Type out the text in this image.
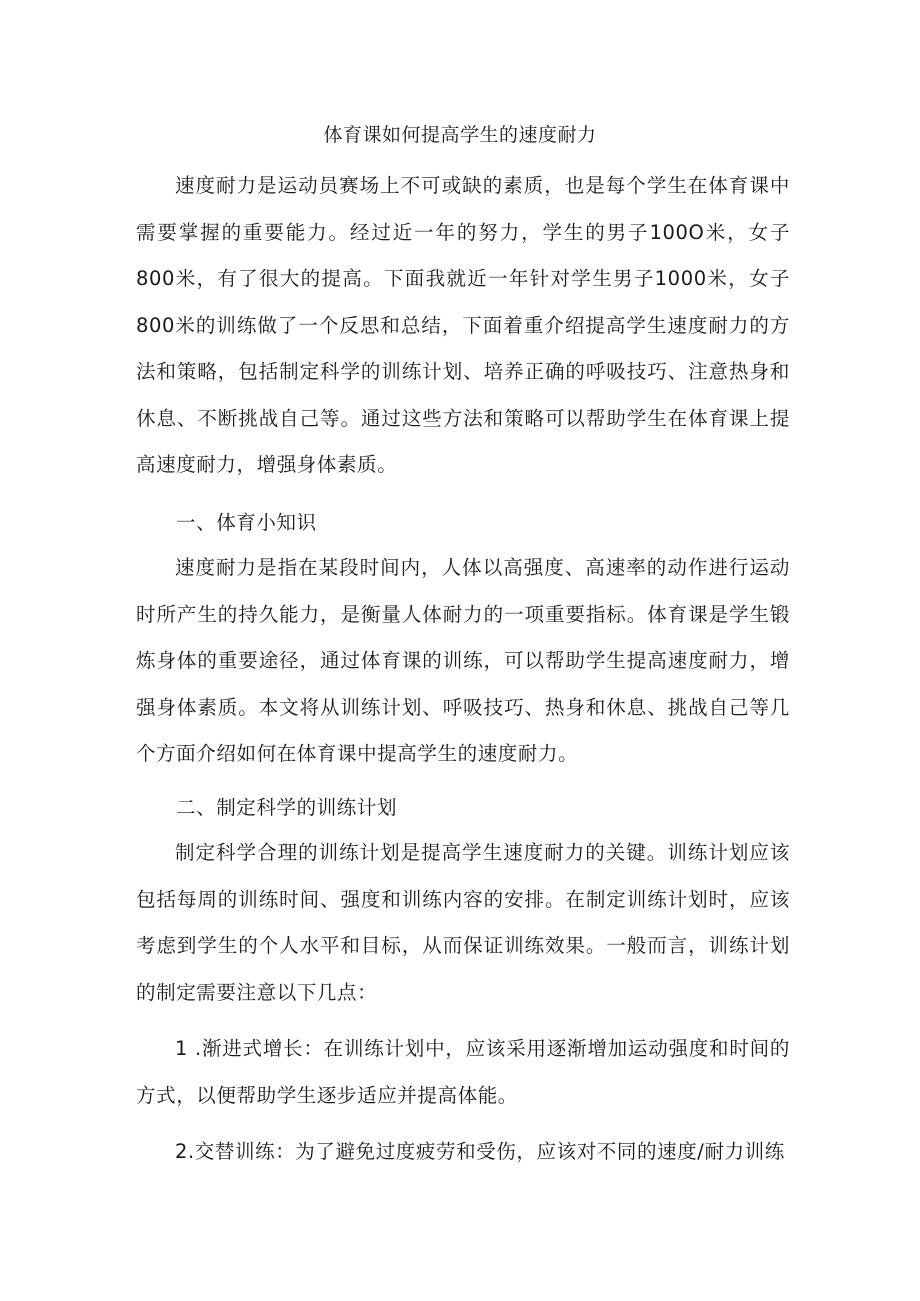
体育课如何提高学生的速度耐力

速度耐力是运动员赛场上不可或缺的素质，也是每个学生在体育课中需要掌握的重要能力。经过近一年的努力，学生的男子100O米，女子800米，有了很大的提高。下面我就近一年针对学生男子1000米，女子800米的训练做了一个反思和总结，下面着重介绍提高学生速度耐力的方法和策略，包括制定科学的训练计划、培养正确的呼吸技巧、注意热身和休息、不断挑战自己等。通过这些方法和策略可以帮助学生在体育课上提高速度耐力，增强身体素质。

一、体育小知识

速度耐力是指在某段时间内，人体以高强度、高速率的动作进行运动时所产生的持久能力，是衡量人体耐力的一项重要指标。体育课是学生锻炼身体的重要途径，通过体育课的训练，可以帮助学生提高速度耐力，增强身体素质。本文将从训练计划、呼吸技巧、热身和休息、挑战自己等几个方面介绍如何在体育课中提高学生的速度耐力。

二、制定科学的训练计划

制定科学合理的训练计划是提高学生速度耐力的关键。训练计划应该包括每周的训练时间、强度和训练内容的安排。在制定训练计划时，应该考虑到学生的个人水平和目标，从而保证训练效果。一般而言，训练计划的制定需要注意以下几点：

1 .渐进式增长：在训练计划中，应该采用逐渐增加运动强度和时间的方式，以便帮助学生逐步适应并提高体能。

2.交替训练：为了避免过度疲劳和受伤，应该对不同的速度/耐力训练
